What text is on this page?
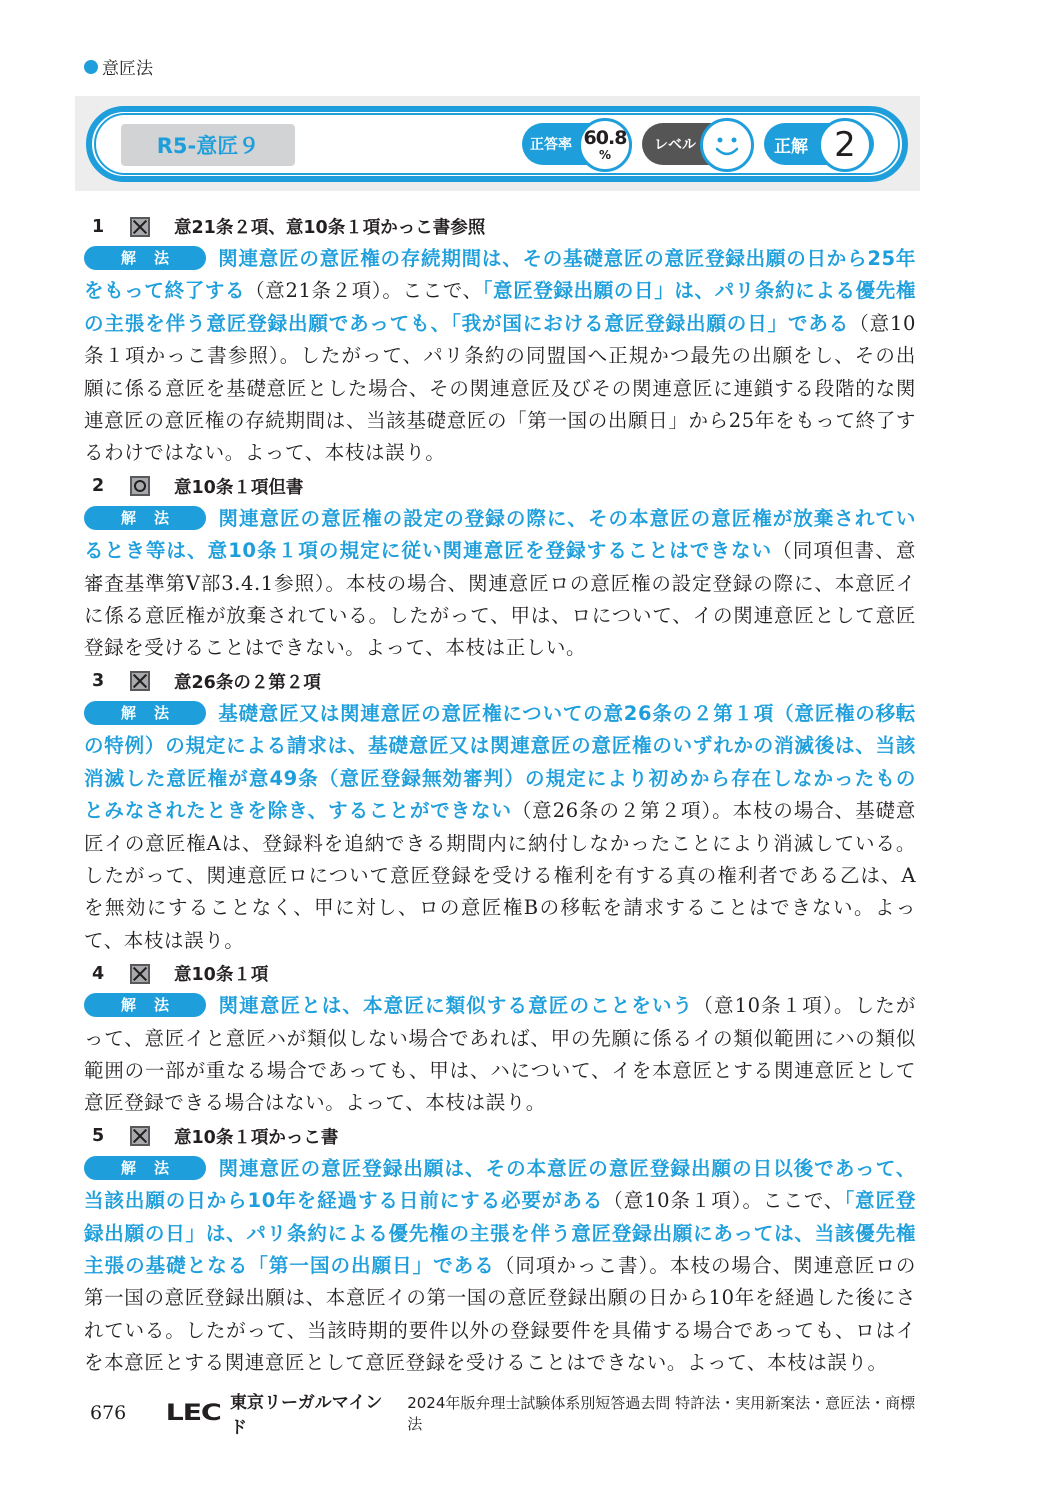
意匠法
R5-意匠９	正答率 60.8
%
レベル	正解 2
1	意21条２項、意10条１項かっこ書参照

解法 関連意匠の意匠権の存続期間は、その基礎意匠の意匠登録出願の日から25年をもって終了する（意21条２項）。ここで、「意匠登録出願の日」は、パリ条約による優先権の主張を伴う意匠登録出願であっても、「我が国における意匠登録出願の日」である（意10条１項かっこ書参照）。したがって、パリ条約の同盟国へ正規かつ最先の出願をし、その出願に係る意匠を基礎意匠とした場合、その関連意匠及びその関連意匠に連鎖する段階的な関連意匠の意匠権の存続期間は、当該基礎意匠の「第一国の出願日」から25年をもって終了するわけではない。よって、本枝は誤り。

2	意10条１項但書

解法 関連意匠の意匠権の設定の登録の際に、その本意匠の意匠権が放棄されているとき等は、意10条１項の規定に従い関連意匠を登録することはできない（同項但書、意審査基準第Ⅴ部3.4.1参照）。本枝の場合、関連意匠ロの意匠権の設定登録の際に、本意匠イに係る意匠権が放棄されている。したがって、甲は、ロについて、イの関連意匠として意匠登録を受けることはできない。よって、本枝は正しい。

3	意26条の２第２項

解法 基礎意匠又は関連意匠の意匠権についての意26条の２第１項（意匠権の移転の特例）の規定による請求は、基礎意匠又は関連意匠の意匠権のいずれかの消滅後は、当該消滅した意匠権が意49条（意匠登録無効審判）の規定により初めから存在しなかったものとみなされたときを除き、することができない（意26条の２第２項）。本枝の場合、基礎意匠イの意匠権Aは、登録料を追納できる期間内に納付しなかったことにより消滅している。したがって、関連意匠ロについて意匠登録を受ける権利を有する真の権利者である乙は、Aを無効にすることなく、甲に対し、ロの意匠権Bの移転を請求することはできない。よって、本枝は誤り。

4	意10条１項

解法 関連意匠とは、本意匠に類似する意匠のことをいう（意10条１項）。したがって、意匠イと意匠ハが類似しない場合であれば、甲の先願に係るイの類似範囲にハの類似範囲の一部が重なる場合であっても、甲は、ハについて、イを本意匠とする関連意匠として意匠登録できる場合はない。よって、本枝は誤り。

5	意10条１項かっこ書

解法 関連意匠の意匠登録出願は、その本意匠の意匠登録出願の日以後であって、当該出願の日から10年を経過する日前にする必要がある（意10条１項）。ここで、「意匠登録出願の日」は、パリ条約による優先権の主張を伴う意匠登録出願にあっては、当該優先権主張の基礎となる「第一国の出願日」である（同項かっこ書）。本枝の場合、関連意匠ロの第一国の意匠登録出願は、本意匠イの第一国の意匠登録出願の日から10年を経過した後にされている。したがって、当該時期的要件以外の登録要件を具備する場合であっても、ロはイを本意匠とする関連意匠として意匠登録を受けることはできない。よって、本枝は誤り。

676	LEC 東京リーガルマインド
2024年版弁理士試験体系別短答過去問 特許法・実用新案法・意匠法・商標法
